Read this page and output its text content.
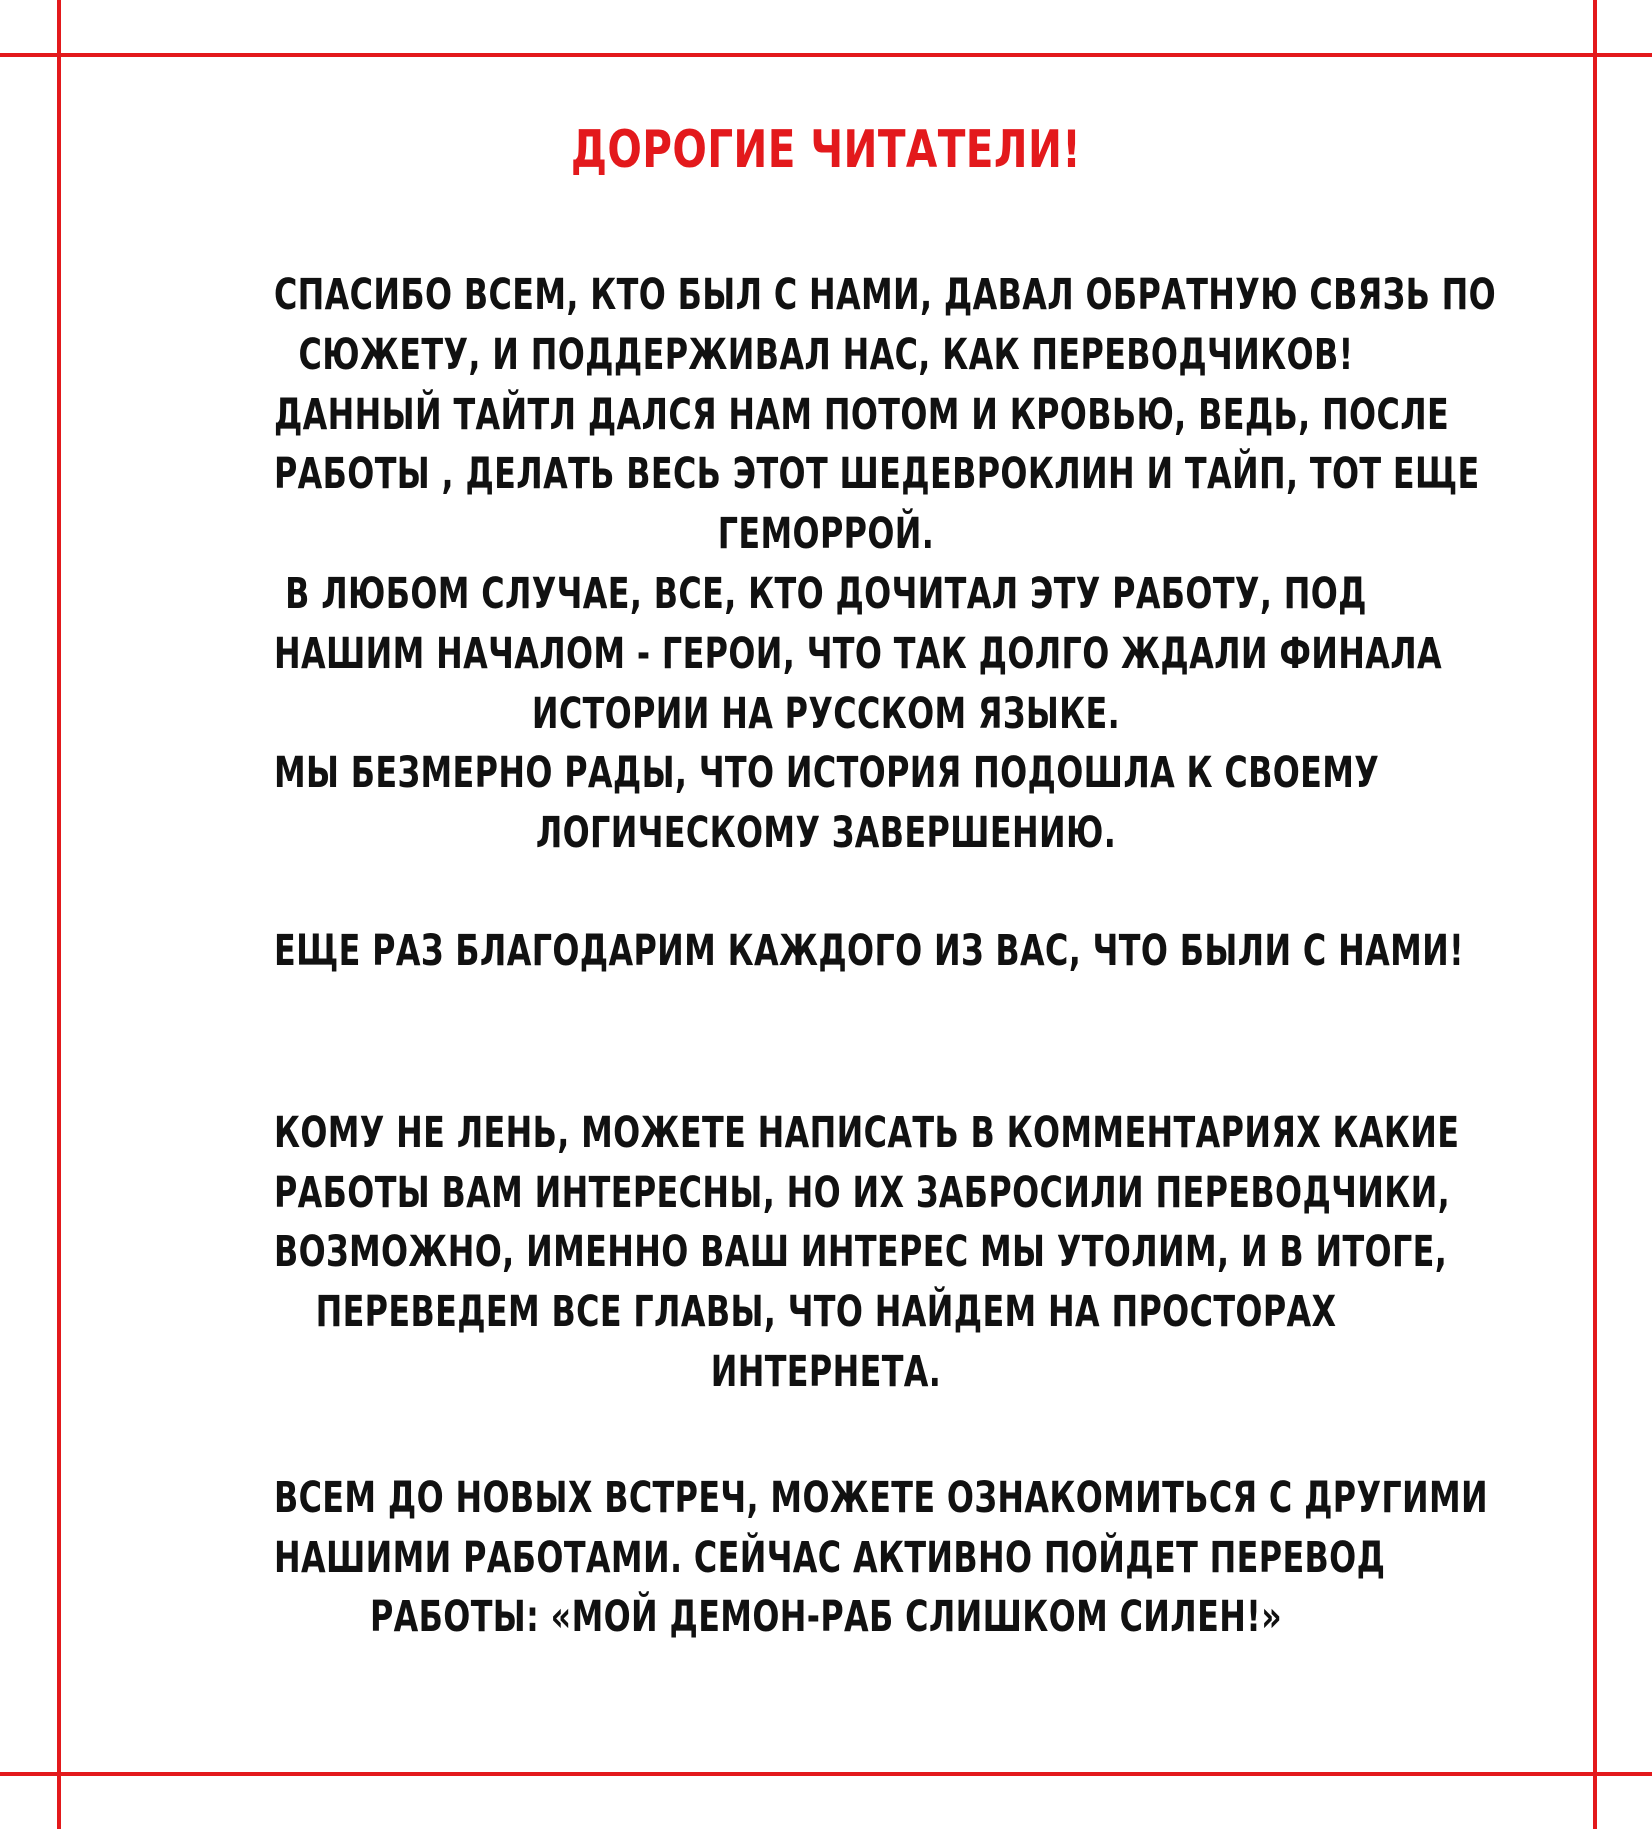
ДОРОГИЕ ЧИТАТЕЛИ!
СПАСИБО ВСЕМ, КТО БЫЛ С НАМИ, ДАВАЛ ОБРАТНУЮ СВЯЗЬ ПО
СЮЖЕТУ, И ПОДДЕРЖИВАЛ НАС, КАК ПЕРЕВОДЧИКОВ!
ДАННЫЙ ТАЙТЛ ДАЛСЯ НАМ ПОТОМ И КРОВЬЮ, ВЕДЬ, ПОСЛЕ
РАБОТЫ , ДЕЛАТЬ ВЕСЬ ЭТОТ ШЕДЕВРОКЛИН И ТАЙП, ТОТ ЕЩЕ
ГЕМОРРОЙ.
В ЛЮБОМ СЛУЧАЕ, ВСЕ, КТО ДОЧИТАЛ ЭТУ РАБОТУ, ПОД
НАШИМ НАЧАЛОМ - ГЕРОИ, ЧТО ТАК ДОЛГО ЖДАЛИ ФИНАЛА
ИСТОРИИ НА РУССКОМ ЯЗЫКЕ.
МЫ БЕЗМЕРНО РАДЫ, ЧТО ИСТОРИЯ ПОДОШЛА К СВОЕМУ
ЛОГИЧЕСКОМУ ЗАВЕРШЕНИЮ.
ЕЩЕ РАЗ БЛАГОДАРИМ КАЖДОГО ИЗ ВАС, ЧТО БЫЛИ С НАМИ!
КОМУ НЕ ЛЕНЬ, МОЖЕТЕ НАПИСАТЬ В КОММЕНТАРИЯХ КАКИЕ
РАБОТЫ ВАМ ИНТЕРЕСНЫ, НО ИХ ЗАБРОСИЛИ ПЕРЕВОДЧИКИ,
ВОЗМОЖНО, ИМЕННО ВАШ ИНТЕРЕС МЫ УТОЛИМ, И В ИТОГЕ,
ПЕРЕВЕДЕМ ВСЕ ГЛАВЫ, ЧТО НАЙДЕМ НА ПРОСТОРАХ
ИНТЕРНЕТА.
ВСЕМ ДО НОВЫХ ВСТРЕЧ, МОЖЕТЕ ОЗНАКОМИТЬСЯ С ДРУГИМИ
НАШИМИ РАБОТАМИ. СЕЙЧАС АКТИВНО ПОЙДЕТ ПЕРЕВОД
РАБОТЫ: «МОЙ ДЕМОН-РАБ СЛИШКОМ СИЛЕН!»
